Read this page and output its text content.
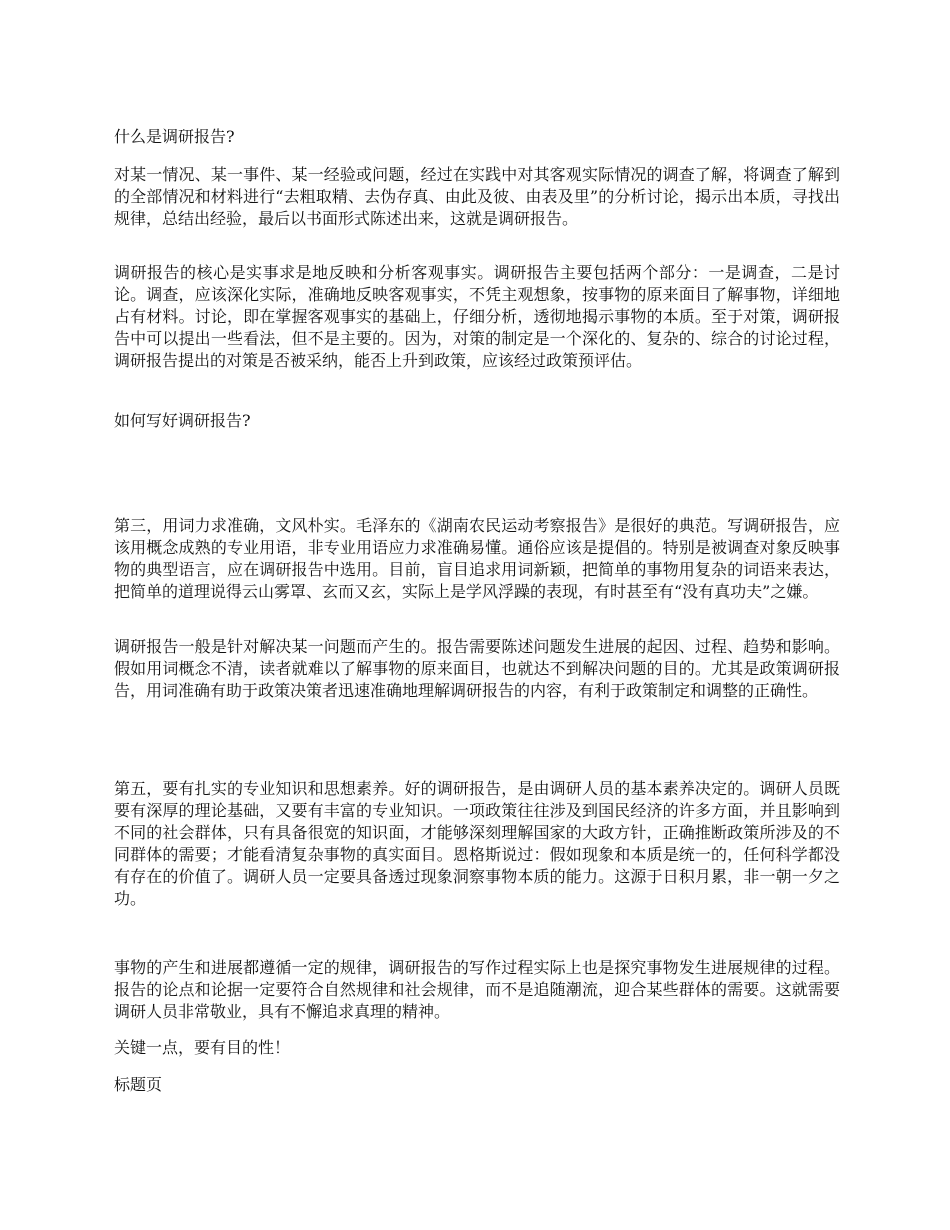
什么是调研报告?

对某一情况、某一事件、某一经验或问题，经过在实践中对其客观实际情况的调查了解，将调查了解到的全部情况和材料进行“去粗取精、去伪存真、由此及彼、由表及里”的分析讨论，揭示出本质，寻找出规律，总结出经验，最后以书面形式陈述出来，这就是调研报告。

调研报告的核心是实事求是地反映和分析客观事实。调研报告主要包括两个部分：一是调查，二是讨论。调查，应该深化实际，准确地反映客观事实，不凭主观想象，按事物的原来面目了解事物，详细地占有材料。讨论，即在掌握客观事实的基础上，仔细分析，透彻地揭示事物的本质。至于对策，调研报告中可以提出一些看法，但不是主要的。因为，对策的制定是一个深化的、复杂的、综合的讨论过程，调研报告提出的对策是否被采纳，能否上升到政策，应该经过政策预评估。

如何写好调研报告?

第三，用词力求准确，文风朴实。毛泽东的《湖南农民运动考察报告》是很好的典范。写调研报告，应该用概念成熟的专业用语，非专业用语应力求准确易懂。通俗应该是提倡的。特别是被调查对象反映事物的典型语言，应在调研报告中选用。目前，盲目追求用词新颖，把简单的事物用复杂的词语来表达，把简单的道理说得云山雾罩、玄而又玄，实际上是学风浮躁的表现，有时甚至有“没有真功夫”之嫌。

调研报告一般是针对解决某一问题而产生的。报告需要陈述问题发生进展的起因、过程、趋势和影响。假如用词概念不清，读者就难以了解事物的原来面目，也就达不到解决问题的目的。尤其是政策调研报告，用词准确有助于政策决策者迅速准确地理解调研报告的内容，有利于政策制定和调整的正确性。

第五，要有扎实的专业知识和思想素养。好的调研报告，是由调研人员的基本素养决定的。调研人员既要有深厚的理论基础，又要有丰富的专业知识。一项政策往往涉及到国民经济的许多方面，并且影响到不同的社会群体，只有具备很宽的知识面，才能够深刻理解国家的大政方针，正确推断政策所涉及的不同群体的需要；才能看清复杂事物的真实面目。恩格斯说过：假如现象和本质是统一的，任何科学都没有存在的价值了。调研人员一定要具备透过现象洞察事物本质的能力。这源于日积月累，非一朝一夕之功。

事物的产生和进展都遵循一定的规律，调研报告的写作过程实际上也是探究事物发生进展规律的过程。报告的论点和论据一定要符合自然规律和社会规律，而不是追随潮流，迎合某些群体的需要。这就需要调研人员非常敬业，具有不懈追求真理的精神。

关键一点，要有目的性！

标题页
